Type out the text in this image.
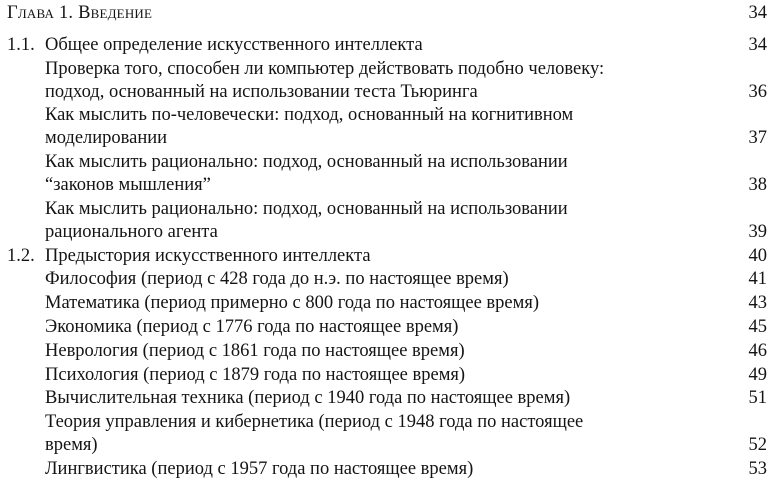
Глава 1. Введение	34
1.1. Общее определение искусственного интеллекта	34
Проверка того, способен ли компьютер действовать подобно человеку:
подход, основанный на использовании теста Тьюринга	36
Как мыслить по-человечески: подход, основанный на когнитивном
моделировании	37
Как мыслить рационально: подход, основанный на использовании
“законов мышления”	38
Как мыслить рационально: подход, основанный на использовании
рационального агента	39
1.2. Предыстория искусственного интеллекта	40
Философия (период с 428 года до н.э. по настоящее время)	41
Математика (период примерно с 800 года по настоящее время)	43
Экономика (период с 1776 года по настоящее время)	45
Неврология (период с 1861 года по настоящее время)	46
Психология (период с 1879 года по настоящее время)	49
Вычислительная техника (период с 1940 года по настоящее время)	51
Теория управления и кибернетика (период с 1948 года по настоящее
время)	52
Лингвистика (период с 1957 года по настоящее время)	53
